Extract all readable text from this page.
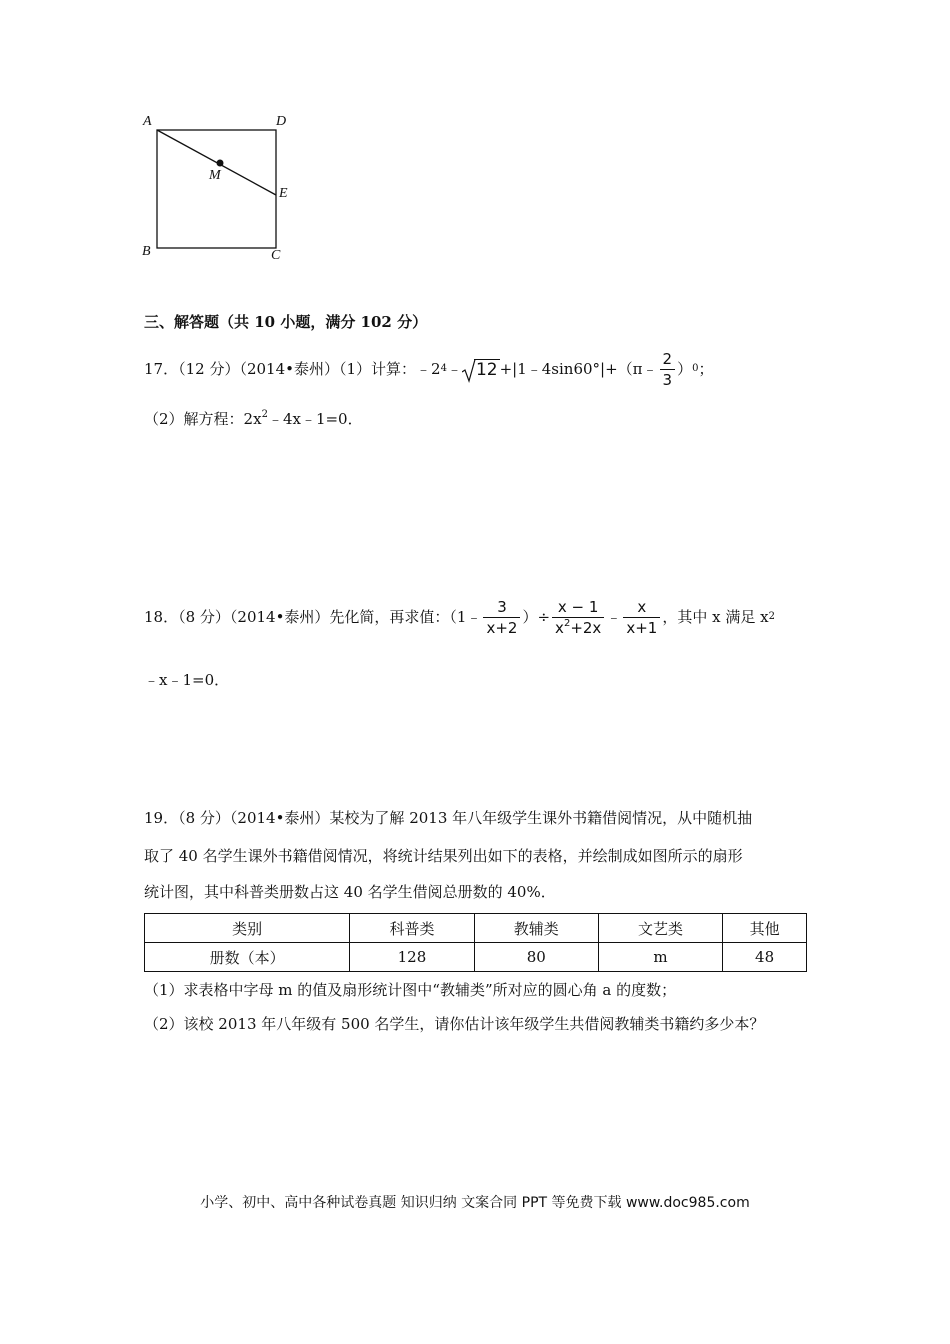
A	D
M
E
B	C
三、解答题（共 10 小题，满分 102 分）
17．（12 分）（2014•泰州）（1）计算：﹣2 4 ﹣ 12 +|1﹣4sin60°|+（π﹣ $\frac{2}{3}$ ） 0 ；
（2）解方程：$2x^2﹣4x﹣1=0$．
18．（8 分）（2014•泰州）先化简，再求值：（1﹣ $\frac{3}{x+2}$ ）÷ $\frac{x - 1}{x^2+2x}$ ﹣ $\frac{x}{x+1}$ ，其中 x 满足 x 2
﹣x﹣1=0．
19．（8 分）（2014•泰州）某校为了解 2013 年八年级学生课外书籍借阅情况，从中随机抽
取了 40 名学生课外书籍借阅情况，将统计结果列出如下的表格，并绘制成如图所示的扇形
统计图，其中科普类册数占这 40 名学生借阅总册数的 40%．
类别	科普类	教辅类	文艺类	其他
册数（本）	128	80	m	48
（1）求表格中字母 m 的值及扇形统计图中“教辅类”所对应的圆心角 a 的度数；
（2）该校 2013 年八年级有 500 名学生，请你估计该年级学生共借阅教辅类书籍约多少本？
小学、初中、高中各种试卷真题 知识归纳 文案合同 PPT 等免费下载 www.doc985.com
